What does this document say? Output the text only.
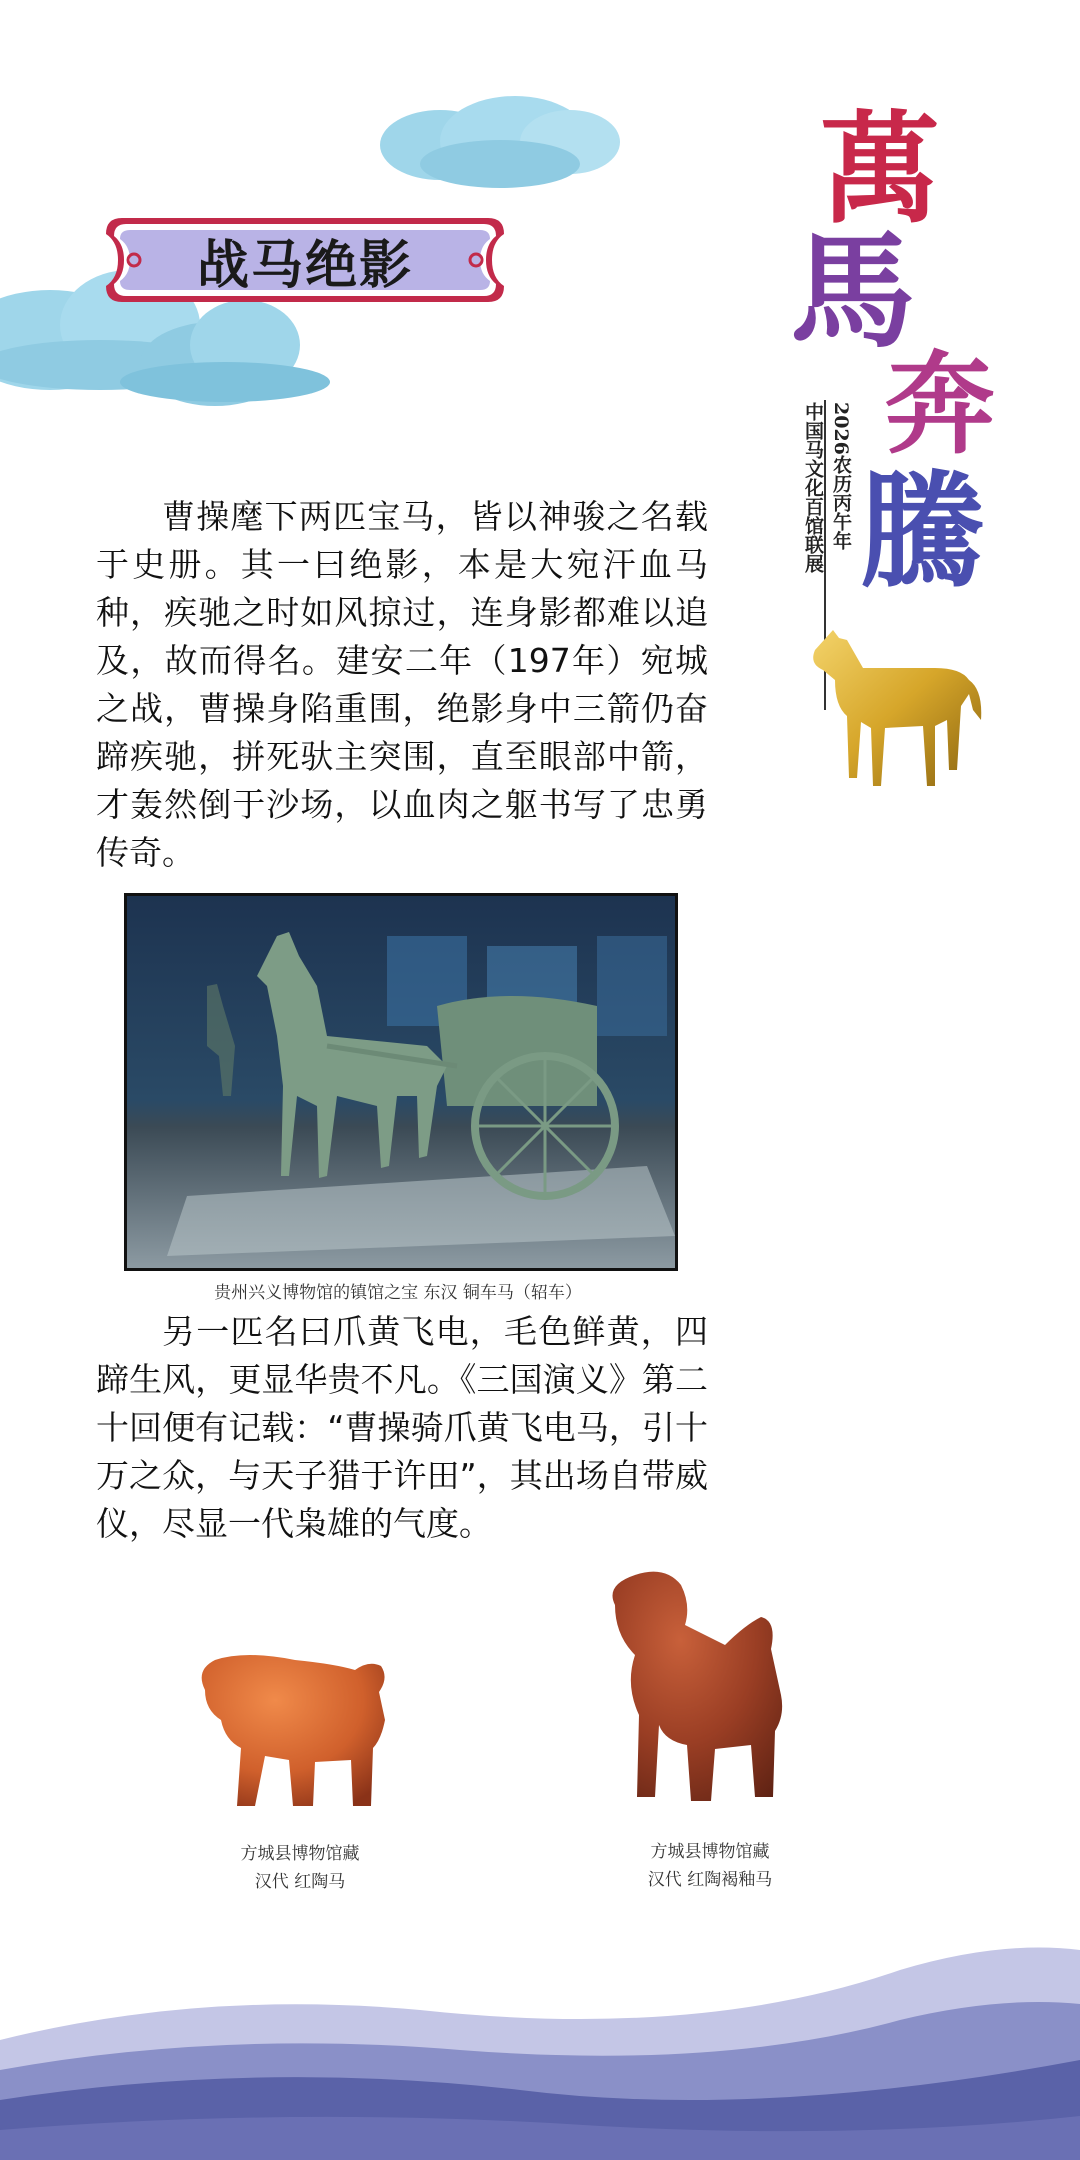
战马绝影
萬
馬
奔
騰
2026农历丙午年
中国马文化百馆联展
曹操麾下两匹宝马，皆以神骏之名载于史册。其一曰绝影，本是大宛汗血马种，疾驰之时如风掠过，连身影都难以追及，故而得名。建安二年（197年）宛城之战，曹操身陷重围，绝影身中三箭仍奋蹄疾驰，拼死驮主突围，直至眼部中箭，才轰然倒于沙场，以血肉之躯书写了忠勇传奇。
贵州兴义博物馆的镇馆之宝 东汉 铜车马（轺车）
另一匹名曰爪黄飞电，毛色鲜黄，四蹄生风，更显华贵不凡。《三国演义》第二十回便有记载：“曹操骑爪黄飞电马，引十万之众，与天子猎于许田”，其出场自带威仪，尽显一代枭雄的气度。
方城县博物馆藏
汉代 红陶马
方城县博物馆藏
汉代 红陶褐釉马
